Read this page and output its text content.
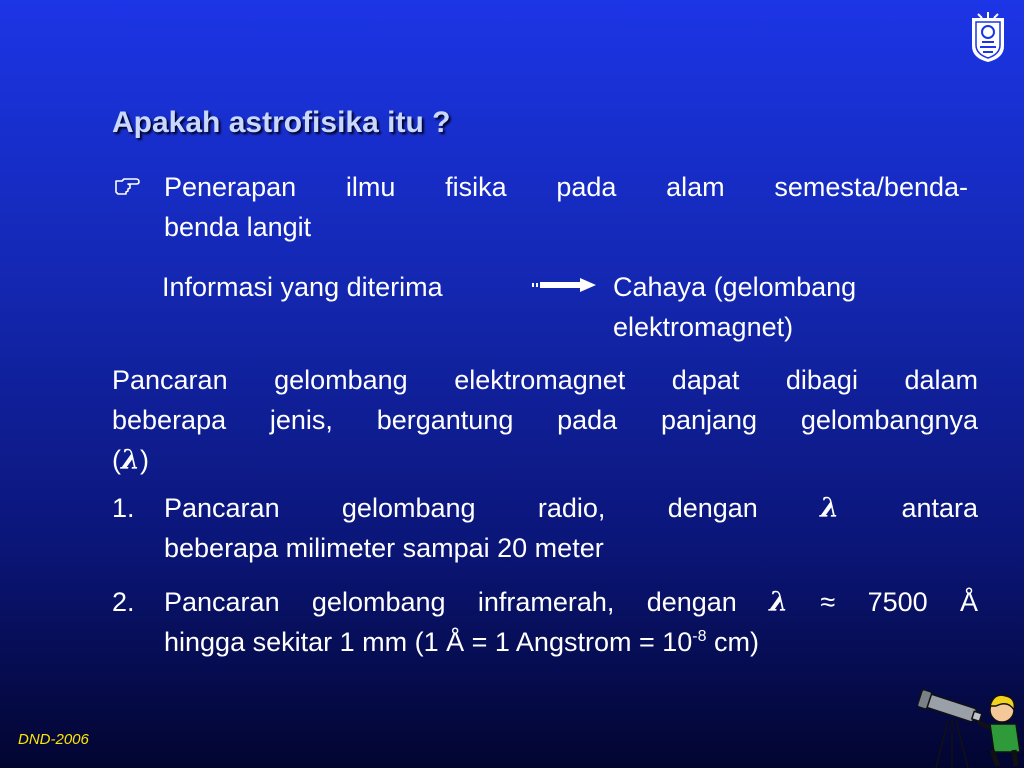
Apakah astrofisika itu ?
Penerapan ilmu fisika pada alam semesta/benda-
benda langit
Informasi yang diterima	Cahaya (gelombang
elektromagnet)
Pancaran gelombang elektromagnet dapat dibagi dalam
beberapa jenis, bergantung pada panjang gelombangnya
(λ)
1. Pancaran gelombang radio, dengan λ antara
beberapa milimeter sampai 20 meter
2. Pancaran gelombang inframerah, dengan λ ≈ 7500 Å
hingga sekitar 1 mm (1 Å = 1 Angstrom = $10^{-8}$ cm)
DND-2006
